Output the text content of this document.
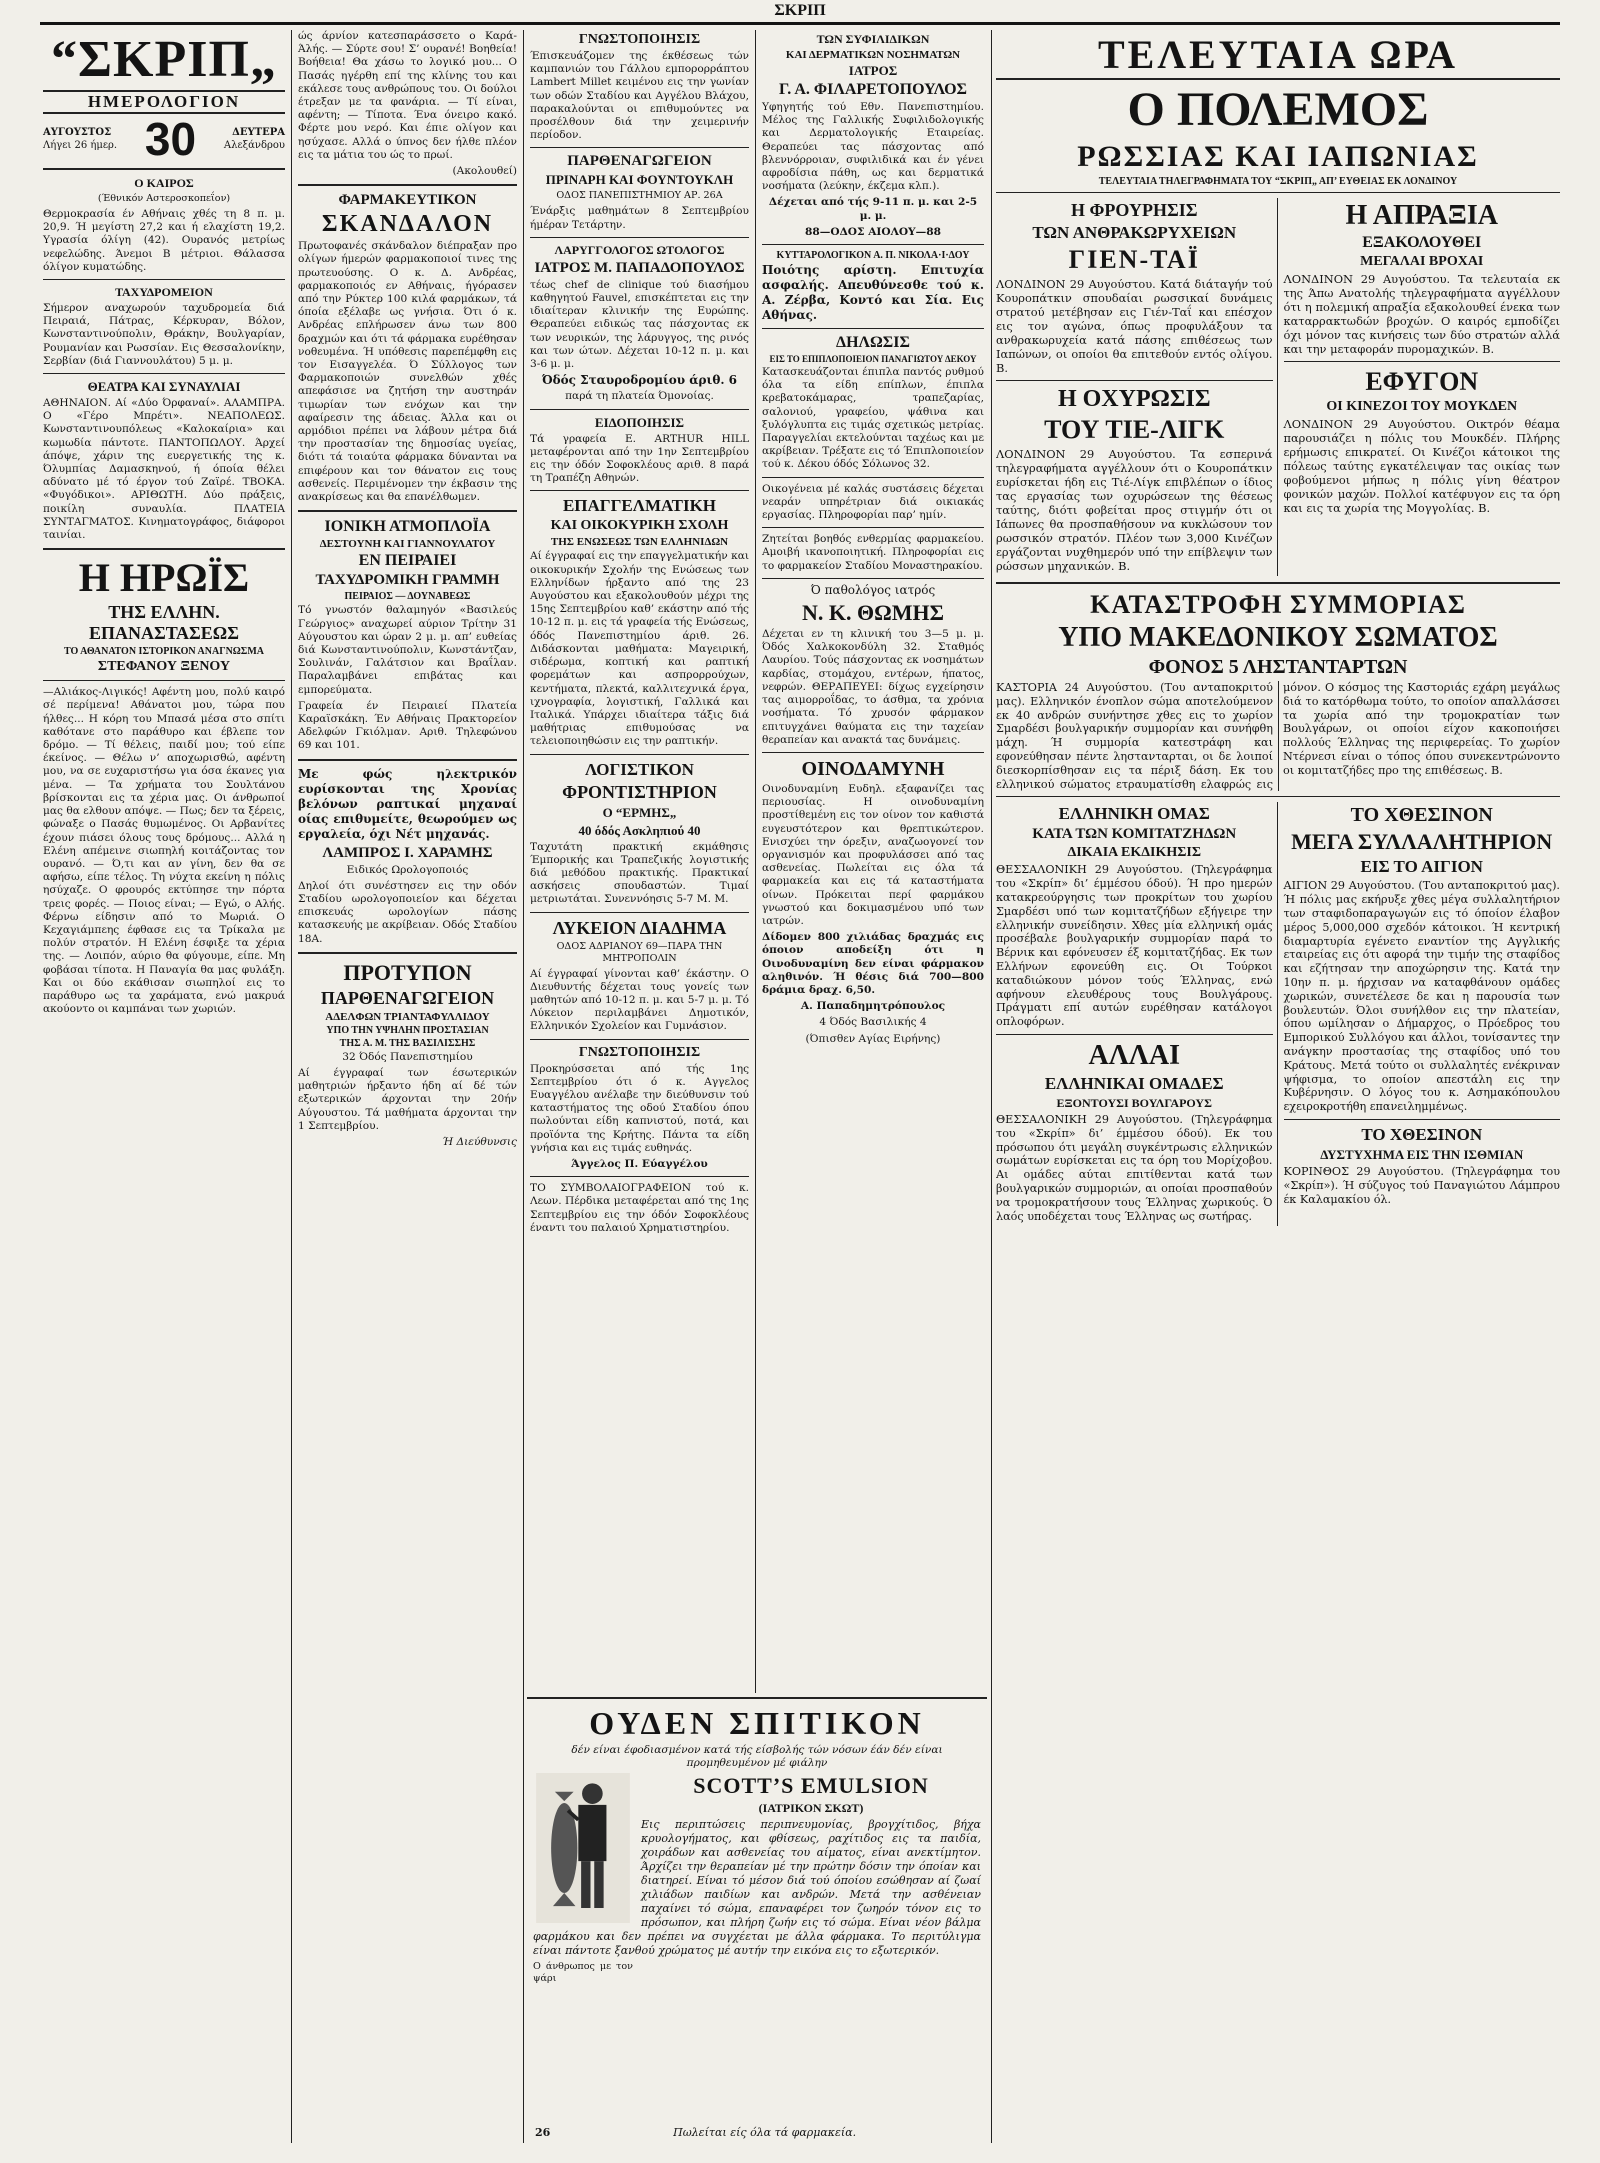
ΣΚΡΙΠ
“ΣΚΡΙΠ„
ΗΜΕΡΟΛΟΓΙΟΝ
ΑΥΓΟΥΣΤΟΣ
Λήγει 26 ήμερ. 30	ΔΕΥΤΕΡΑ
Αλεξάνδρου
Ο ΚΑΙΡΟΣ
(Έθνικόν Αστεροσκοπεΐον)

Θερμοκρασία έν Αθήναις χθές τη 8 π. μ. 20,9. Ή μεγίστη 27,2 και ή ελαχίστη 19,2. Υγρασία όλίγη (42). Ουρανός μετρίως νεφελώδης. Άνεμοι Β μέτριοι. Θάλασσα όλίγον κυματώδης.

ΤΑΧΥΔΡΟΜΕΙΟΝ

Σήμερον αναχωρούν ταχυδρομεία διά Πειραιά, Πάτρας, Κέρκυραν, Βόλον, Κωνσταντινούπολιν, Θράκην, Βουλγαρίαν, Ρουμανίαν και Ρωσσίαν. Εις Θεσσαλονίκην, Σερβίαν (διά Γιαννουλάτου) 5 μ. μ.

ΘΕΑΤΡΑ ΚΑΙ ΣΥΝΑΥΛΙΑΙ

ΑΘΗΝΑΙΟΝ. Αί «Δύο Όρφαναί». ΑΛΑΜΠΡΑ. Ο «Γέρο Μπρέτι». ΝΕΑΠΟΛΕΩΣ. Κωνσταντινουπόλεως «Καλοκαίρια» και κωμωδία πάντοτε. ΠΑΝΤΟΠΩΛΟΥ. Άρχεί άπόψε, χάριν της ευεργετικής της κ. Όλυμπίας Δαμασκηνού, ή όποία θέλει αδύνατο μέ τό έργον τού Ζαϊρέ. ΤΒΟΚΑ. «Φυγόδικοι». ΑΡΙΘΩΤΗ. Δύο πράξεις, ποικίλη συναυλία. ΠΛΑΤΕΙΑ ΣΥΝΤΑΓΜΑΤΟΣ. Κινηματογράφος, διάφοροι ταινίαι.

Η ΗΡΩΪΣ
ΤΗΣ ΕΛΛΗΝ. ΕΠΑΝΑΣΤΑΣΕΩΣ
ΤΟ ΑΘΑΝΑΤΟΝ ΙΣΤΟΡΙΚΟΝ ΑΝΑΓΝΩΣΜΑ
ΣΤΕΦΑΝΟΥ ΞΕΝΟΥ

—Αλιάκος-Λιγικός! Αφέντη μου, πολύ καιρό σέ περίμενα! Αθάνατοι μου, τώρα που ήλθες... Η κόρη του Μπασά μέσα στο σπίτι καθότανε στο παράθυρο και έβλεπε τον δρόμο. — Τί θέλεις, παιδί μου; τού είπε έκείνος. — Θέλω ν’ αποχωρισθώ, αφέντη μου, να σε ευχαριστήσω για όσα έκανες για μένα. — Τα χρήματα του Σουλτάνου βρίσκονται εις τα χέρια μας. Οι άνθρωποί μας θα ελθουν απόψε. — Πως; δεν τα ξέρεις, φώναξε ο Πασάς θυμωμένος. Οι Αρβανίτες έχουν πιάσει όλους τους δρόμους... Αλλά η Ελένη απέμεινε σιωπηλή κοιτάζοντας τον ουρανό. — Ό,τι και αν γίνη, δεν θα σε αφήσω, είπε τέλος. Τη νύχτα εκείνη η πόλις ησύχαζε. Ο φρουρός εκτύπησε την πόρτα τρεις φορές. — Ποιος είναι; — Εγώ, ο Αλής. Φέρνω είδησιν από το Μωριά. Ο Κεχαγιάμπεης έφθασε εις τα Τρίκαλα με πολύν στρατόν. Η Ελένη έσφιξε τα χέρια της. — Λοιπόν, αύριο θα φύγουμε, είπε. Μη φοβάσαι τίποτα. Η Παναγία θα μας φυλάξη. Και οι δύο εκάθισαν σιωπηλοί εις το παράθυρο ως τα χαράματα, ενώ μακρυά ακούοντο οι καμπάναι των χωριών.

ώς άρνίον κατεσπαράσσετο ο Καρά-Άλής. — Σύρτε σου! Σ’ ουρανέ! Βοηθεία! Βοήθεια! Θα χάσω το λογικό μου... Ο Πασάς ηγέρθη επί της κλίνης του και εκάλεσε τους ανθρώπους του. Οι δούλοι έτρεξαν με τα φανάρια. — Τί είναι, αφέντη; — Τίποτα. Ένα όνειρο κακό. Φέρτε μου νερό. Και έπιε ολίγον και ησύχασε. Αλλά ο ύπνος δεν ήλθε πλέον εις τα μάτια του ώς το πρωί.

(Ακολουθεί)
ΦΑΡΜΑΚΕΥΤΙΚΟΝ
ΣΚΑΝΔΑΛΟΝ

Πρωτοφανές σκάνδαλον διέπραξαν προ ολίγων ήμερών φαρμακοποιοί τινες της πρωτευούσης. Ο κ. Δ. Ανδρέας, φαρμακοποιός εν Αθήναις, ήγόρασεν από την Ρύκτερ 100 κιλά φαρμάκων, τά όποία εξέλαβε ως γνήσια. Ότι ό κ. Ανδρέας επλήρωσεν άνω των 800 δραχμών και ότι τά φάρμακα ευρέθησαν νοθευμένα. Ή υπόθεσις παρεπέμφθη εις τον Εισαγγελέα. Ό Σύλλογος των Φαρμακοποιών συνελθών χθές απεφάσισε να ζητήση την αυστηράν τιμωρίαν των ενόχων και την αφαίρεσιν της άδειας. Άλλα και οι αρμόδιοι πρέπει να λάβουν μέτρα διά την προστασίαν της δημοσίας υγείας, διότι τά τοιαύτα φάρμακα δύνανται να επιφέρουν και τον θάνατον εις τους ασθενείς. Περιμένομεν την έκβασιν της ανακρίσεως και θα επανέλθωμεν.

ΙΟΝΙΚΗ ΑΤΜΟΠΛΟΪΑ
ΔΕΣΤΟΥΝΗ ΚΑΙ ΓΙΑΝΝΟΥΛΑΤΟΥ
ΕΝ ΠΕΙΡΑΙΕΙ
ΤΑΧΥΔΡΟΜΙΚΗ ΓΡΑΜΜΗ
ΠΕΙΡΑΙΟΣ — ΔΟΥΝΑΒΕΩΣ

Τό γνωστόν θαλαμηγόν «Βασιλεύς Γεώργιος» αναχωρεί αύριον Τρίτην 31 Αύγουστου και ώραν 2 μ. μ. απ’ ευθείας διά Κωνσταντινούπολιν, Κωνστάντζαν, Σουλινάν, Γαλάτσιον και Βραΐλαν. Παραλαμβάνει επιβάτας και εμπορεύματα.

Γραφεία έν Πειραιεί Πλατεία Καραϊσκάκη. Έν Αθήναις Πρακτορείον Αδελφών Γκιόλμαν. Αριθ. Τηλεφώνου 69 και 101.

Με φώς ηλεκτρικόν ευρίσκονται της Χρονίας βελόνων ραπτικαί μηχαναί οίας επιθυμείτε, θεωρούμεν ως εργαλεία, όχι Νέτ μηχανάς.

ΛΑΜΠΡΟΣ Ι. ΧΑΡΑΜΗΣ
Ειδικός Ωρολογοποιός

Δηλοί ότι συνέστησεν εις την οδόν Σταδίου ωρολογοποιείον και δέχεται επισκευάς ωρολογίων πάσης κατασκευής με ακρίβειαν. Οδός Σταδίου 18Α.

ΠΡΟΤΥΠΟΝ
ΠΑΡΘΕΝΑΓΩΓΕΙΟΝ
ΑΔΕΛΦΩΝ ΤΡΙΑΝΤΑΦΥΛΛΙΔΟΥ
ΥΠΟ ΤΗΝ ΥΨΗΛΗΝ ΠΡΟΣΤΑΣΙΑΝ
ΤΗΣ Α. Μ. ΤΗΣ ΒΑΣΙΛΙΣΣΗΣ
32 Όδός Πανεπιστημίου

Αί έγγραφαί των έσωτερικών μαθητριών ήρξαντο ήδη αί δέ τών εξωτερικών άρχονται την 20ήν Αύγουστου. Τά μαθήματα άρχονται την 1 Σεπτεμβρίου.

Ή Διεύθυνσις
ΓΝΩΣΤΟΠΟΙΗΣΙΣ

Έπισκευάζομεν της έκθέσεως τών καμπανιών του Γάλλου εμπορορράπτου Lambert Millet κειμένου εις την γωνίαν των οδών Σταδίου και Αγγέλου Βλάχου, παρακαλούνται οι επιθυμούντες να προσέλθουν διά την χειμερινήν περίοδον.

ΠΑΡΘΕΝΑΓΩΓΕΙΟΝ
ΠΡΙΝΑΡΗ ΚΑΙ ΦΟΥΝΤΟΥΚΛΗ
ΟΔΟΣ ΠΑΝΕΠΙΣΤΗΜΙΟΥ ΑΡ. 26Α

Ένάρξις μαθημάτων 8 Σεπτεμβρίου ήμέραν Τετάρτην.

ΛΑΡΥΓΓΟΛΟΓΟΣ ΩΤΟΛΟΓΟΣ
ΙΑΤΡΟΣ Μ. ΠΑΠΑΔΟΠΟΥΛΟΣ

τέως chef de clinique τού διασήμου καθηγητού Fauvel, επισκέπτεται εις την ιδιαίτεραν κλινικήν της Ευρώπης. Θεραπεύει ειδικώς τας πάσχοντας εκ των νευρικών, της λάρυγγος, της ρινός και των ώτων. Δέχεται 10-12 π. μ. και 3-6 μ. μ.

Όδός Σταυροδρομίου άριθ. 6
παρά τη πλατεία Όμονοίας.
ΕΙΔΟΠΟΙΗΣΙΣ

Τά γραφεία Ε. ARTHUR HILL μεταφέρονται από την 1ην Σεπτεμβρίου εις την όδόν Σοφοκλέους αριθ. 8 παρά τη Τραπέζη Αθηνών.

ΕΠΑΓΓΕΛΜΑΤΙΚΗ
ΚΑΙ ΟΙΚΟΚΥΡΙΚΗ ΣΧΟΛΗ
ΤΗΣ ΕΝΩΣΕΩΣ ΤΩΝ ΕΛΛΗΝΙΔΩΝ

Αί έγγραφαί εις την επαγγελματικήν και οικοκυρικήν Σχολήν της Ενώσεως των Ελληνίδων ήρξαντο από της 23 Αυγούστου και εξακολουθούν μέχρι της 15ης Σεπτεμβρίου καθ’ εκάστην από τής 10-12 π. μ. εις τά γραφεία τής Ενώσεως, όδός Πανεπιστημίου άριθ. 26. Διδάσκονται μαθήματα: Μαγειρική, σιδέρωμα, κοπτική και ραπτική φορεμάτων και ασπρορρούχων, κεντήματα, πλεκτά, καλλιτεχνικά έργα, ιχνογραφία, λογιστική, Γαλλικά και Ιταλικά. Υπάρχει ιδιαίτερα τάξις διά μαθήτριας επιθυμούσας να τελειοποιηθώσιν εις την ραπτικήν.

ΛΟΓΙΣΤΙΚΟΝ
ΦΡΟΝΤΙΣΤΗΡΙΟΝ
Ο “ΕΡΜΗΣ„
40 όδός Ασκληπιού 40

Ταχυτάτη πρακτική εκμάθησις Έμπορικής και Τραπεζικής λογιστικής διά μεθόδου πρακτικής. Πρακτικαί ασκήσεις σπουδαστών. Τιμαί μετριωτάται. Συνεννόησις 5-7 Μ. Μ.

ΛΥΚΕΙΟΝ ΔΙΑΔΗΜΑ
ΟΔΟΣ ΑΔΡΙΑΝΟΥ 69—ΠΑΡΑ ΤΗΝ ΜΗΤΡΟΠΟΛΙΝ

Αί έγγραφαί γίνονται καθ’ έκάστην. Ο Διευθυντής δέχεται τους γονείς των μαθητών από 10-12 π. μ. και 5-7 μ. μ. Τό Λύκειον περιλαμβάνει Δημοτικόν, Ελληνικόν Σχολείον και Γυμνάσιον.

ΓΝΩΣΤΟΠΟΙΗΣΙΣ

Προκηρύσσεται από τής 1ης Σεπτεμβρίου ότι ό κ. Αγγελος Ευαγγέλου ανέλαβε την διεύθυνσιν τού καταστήματος της οδού Σταδίου όπου πωλούνται είδη καπνιστού, ποτά, και προϊόντα της Κρήτης. Πάντα τα είδη γνήσια και εις τιμάς ευθηνάς.

Άγγελος Π. Εύαγγέλου

ΤΟ ΣΥΜΒΟΛΑΙΟΓΡΑΦΕΙΟΝ τού κ. Λεων. Πέρδικα μεταφέρεται από της 1ης Σεπτεμβρίου εις την όδόν Σοφοκλέους έναντι του παλαιού Χρηματιστηρίου.

ΤΩΝ ΣΥΦΙΛΙΔΙΚΩΝ
ΚΑΙ ΔΕΡΜΑΤΙΚΩΝ ΝΟΣΗΜΑΤΩΝ
ΙΑΤΡΟΣ
Γ. Α. ΦΙΛΑΡΕΤΟΠΟΥΛΟΣ

Υφηγητής τού Εθν. Πανεπιστημίου. Μέλος της Γαλλικής Συφιλιδολογικής και Δερματολογικής Εταιρείας. Θεραπεύει τας πάσχοντας από βλεννόρροιαν, συφιλιδικά και έν γένει αφροδίσια πάθη, ως και δερματικά νοσήματα (λεύκην, έκζεμα κλπ.).

Δέχεται από τής 9-11 π. μ. και 2-5 μ. μ.
88—ΟΔΟΣ ΑΙΟΛΟΥ—88
ΚΥΤΤΑΡΟΛΟΓΙΚΟΝ Α. Π. ΝΙΚΟΛΑ·Ι·ΔΟΥ

Ποιότης αρίστη. Επιτυχία ασφαλής. Απευθύνεσθε τού κ. Α. Ζέρβα, Κοντό και Σία. Εις Αθήνας.

ΔΗΛΩΣΙΣ
ΕΙΣ ΤΟ ΕΠΙΠΛΟΠΟΙΕΙΟΝ ΠΑΝΑΓΙΩΤΟΥ ΔΕΚΟΥ

Κατασκευάζονται έπιπλα παντός ρυθμού όλα τα είδη επίπλων, έπιπλα κρεβατοκάμαρας, τραπεζαρίας, σαλονιού, γραφείου, ψάθινα και ξυλόγλυπτα εις τιμάς σχετικώς μετρίας. Παραγγελίαι εκτελούνται ταχέως και με ακρίβειαν. Τρέξατε εις τό Έπιπλοποιείον τού κ. Δέκου όδός Σόλωνος 32.

Οικογένεια μέ καλάς συστάσεις δέχεται νεαράν υπηρέτριαν διά οικιακάς εργασίας. Πληροφορίαι παρ’ ημίν.

Ζητείται βοηθός ενθερμίας φαρμακείου. Αμοιβή ικανοποιητική. Πληροφορίαι εις το φαρμακείον Σταδίου Μοναστηρακίου.

Ό παθολόγος ιατρός
Ν. Κ. ΘΩΜΗΣ

Δέχεται εν τη κλινική του 3—5 μ. μ. Όδός Χαλκοκονδύλη 32. Σταθμός Λαυρίου. Τούς πάσχοντας εκ νοσημάτων καρδίας, στομάχου, εντέρων, ήπατος, νεφρών. ΘΕΡΑΠΕΥΕΙ: δίχως εγχείρησιν τας αιμορροΐδας, το άσθμα, τα χρόνια νοσήματα. Τό χρυσόν φάρμακον επιτυγχάνει θαύματα εις την ταχείαν θεραπείαν και ανακτά τας δυνάμεις.

ΟΙΝΟΔΑΜΥΝΗ

Οινοδυναμίνη Ευδηλ. εξαφανίζει τας περιουσίας. Η οινοδυναμίνη προστίθεμένη εις τον οίνον τον καθιστά ευγευστότερον και θρεπτικώτερον. Ενισχύει την όρεξιν, αναζωογονεί τον οργανισμόν και προφυλάσσει από τας ασθενείας. Πωλείται εις όλα τά φαρμακεία και εις τά καταστήματα οίνων. Πρόκειται περί φαρμάκου γνωστού και δοκιμασμένου υπό των ιατρών.

Δίδομεν 800 χιλιάδας δραχμάς εις όποιον αποδείξη ότι η Οινοδυναμίνη δεν είναι φάρμακον αληθινόν. Ή θέσις διά 700—800 δράμια δραχ. 6,50.

Α. Παπαδημητρόπουλος
4 Όδός Βασιλικής 4
(Όπισθεν Αγίας Ειρήνης)
ΟΥΔΕΝ ΣΠΙΤΙΚΟΝ

δέν είναι έφοδιασμένον κατά τής είσβολής τών νόσων έάν δέν είναι προμηθευμένον μέ φιάλην

SCOTT’S EMULSION
(ΙΑΤΡΙΚΟΝ ΣΚΩΤ)

Εις περιπτώσεις περιπνευμονίας, βρογχίτιδος, βήχα κρυολογήματος, και φθίσεως, ραχίτιδος εις τα παιδία, χοιράδων και ασθενείας του αίματος, είναι ανεκτίμητον. Άρχίζει την θεραπείαν μέ την πρώτην δόσιν την όποίαν και διατηρεί. Είναι τό μέσον διά τού όποίου εσώθησαν αί ζωαί χιλιάδων παιδίων και ανδρών. Μετά την ασθένειαν παχαίνει τό σώμα, επαναφέρει τον ζωηρόν τόνον εις το πρόσωπον, και πλήρη ζωήν εις τό σώμα. Είναι νέον βάλμα φαρμάκου και δεν πρέπει να συγχέεται με άλλα φάρμακα. Το περιτύλιγμα είναι πάντοτε ξανθού χρώματος μέ αυτήν την εικόνα εις το εξωτερικόν.

Ο άνθρωπος με τον ψάρι
26	Πωλείται είς όλα τά φαρμακεία.
ΤΕΛΕΥΤΑΙΑ ΩΡΑ
Ο ΠΟΛΕΜΟΣ
ΡΩΣΣΙΑΣ ΚΑΙ ΙΑΠΩΝΙΑΣ
ΤΕΛΕΥΤΑΙΑ ΤΗΛΕΓΡΑΦΗΜΑΤΑ ΤΟΥ “ΣΚΡΙΠ„ ΑΠ’ ΕΥΘΕΙΑΣ ΕΚ ΛΟΝΔΙΝΟΥ
Η ΦΡΟΥΡΗΣΙΣ
ΤΩΝ ΑΝΘΡΑΚΩΡΥΧΕΙΩΝ
ΓΙΕΝ-ΤΑΪ

ΛΟΝΔΙΝΟΝ 29 Αυγούστου. Κατά διάταγήν τού Κουροπάτκιν σπουδαίαι ρωσσικαί δυνάμεις στρατού μετέβησαν εις Γιέν-Ταΐ και επέσχον εις τον αγώνα, όπως προφυλάξουν τα ανθρακωρυχεία κατά πάσης επιθέσεως των Ιαπώνων, οι οποίοι θα επιτεθούν εντός ολίγου. Β.

Η ΟΧΥΡΩΣΙΣ
ΤΟΥ ΤΙΕ-ΛΙΓΚ

ΛΟΝΔΙΝΟΝ 29 Αυγούστου. Τα εσπερινά τηλεγραφήματα αγγέλλουν ότι ο Κουροπάτκιν ευρίσκεται ήδη εις Τιέ-Λίγκ επιβλέπων ο ίδιος τας εργασίας των οχυρώσεων της θέσεως ταύτης, διότι φοβείται προς στιγμήν ότι οι Ιάπωνες θα προσπαθήσουν να κυκλώσουν τον ρωσσικόν στρατόν. Πλέον των 3,000 Κινέζων εργάζονται νυχθημερόν υπό την επίβλεψιν των ρώσσων μηχανικών. Β.

Η ΑΠΡΑΞΙΑ
ΕΞΑΚΟΛΟΥΘΕΙ
ΜΕΓΑΛΑΙ ΒΡΟΧΑΙ

ΛΟΝΔΙΝΟΝ 29 Αυγούστου. Τα τελευταία εκ της Άπω Ανατολής τηλεγραφήματα αγγέλλουν ότι η πολεμική απραξία εξακολουθεί ένεκα των καταρρακτωδών βροχών. Ο καιρός εμποδίζει όχι μόνον τας κινήσεις των δύο στρατών αλλά και την μεταφοράν πυρομαχικών. Β.

ΕΦΥΓΟΝ
ΟΙ ΚΙΝΕΖΟΙ ΤΟΥ ΜΟΥΚΔΕΝ

ΛΟΝΔΙΝΟΝ 29 Αυγούστου. Οικτρόν θέαμα παρουσιάζει η πόλις του Μουκδέν. Πλήρης ερήμωσις επικρατεί. Οι Κινέζοι κάτοικοι της πόλεως ταύτης εγκατέλειψαν τας οικίας των φοβούμενοι μήπως η πόλις γίνη θέατρον φονικών μαχών. Πολλοί κατέφυγον εις τα όρη και εις τα χωρία της Μογγολίας. Β.

ΚΑΤΑΣΤΡΟΦΗ ΣΥΜΜΟΡΙΑΣ
ΥΠΟ ΜΑΚΕΔΟΝΙΚΟΥ ΣΩΜΑΤΟΣ
ΦΟΝΟΣ 5 ΛΗΣΤΑΝΤΑΡΤΩΝ

ΚΑΣΤΟΡΙΑ 24 Αυγούστου. (Του ανταποκριτού μας). Ελληνικόν ένοπλον σώμα αποτελούμενον εκ 40 ανδρών συνήντησε χθες εις το χωρίον Σμαρδέσι βουλγαρικήν συμμορίαν και συνήφθη μάχη. Ή συμμορία κατεστράφη και εφονεύθησαν πέντε ληστανταρται, οι δε λοιποί διεσκορπίσθησαν εις τα πέριξ δάση. Εκ του ελληνικού σώματος ετραυματίσθη ελαφρώς εις μόνον. Ο κόσμος της Καστοριάς εχάρη μεγάλως διά το κατόρθωμα τούτο, το οποίον απαλλάσσει τα χωρία από την τρομοκρατίαν των Βουλγάρων, οι οποίοι είχον κακοποιήσει πολλούς Έλληνας της περιφερείας. Το χωρίον Ντέρνεσι είναι ο τόπος όπου συνεκεντρώνοντο οι κομιτατζήδες προ της επιθέσεως. Β.

ΕΛΛΗΝΙΚΗ ΟΜΑΣ
ΚΑΤΑ ΤΩΝ ΚΟΜΙΤΑΤΖΗΔΩΝ
ΔΙΚΑΙΑ ΕΚΔΙΚΗΣΙΣ

ΘΕΣΣΑΛΟΝΙΚΗ 29 Αυγούστου. (Τηλεγράφημα του «Σκρίπ» δι’ έμμέσου όδού). Ή προ ημερών κατακρεούργησις των προκρίτων του χωρίου Σμαρδέσι υπό των κομιτατζήδων εξήγειρε την ελληνικήν συνείδησιν. Χθες μία ελληνική ομάς προσέβαλε βουλγαρικήν συμμορίαν παρά το Βέρνικ και εφόνευσεν έξ κομιτατζήδας. Εκ των Ελλήνων εφονεύθη εις. Οι Τούρκοι καταδιώκουν μόνον τούς Έλληνας, ενώ αφήνουν ελευθέρους τους Βουλγάρους. Πράγματι επί αυτών ευρέθησαν κατάλογοι οπλοφόρων.

ΑΛΛΑΙ
ΕΛΛΗΝΙΚΑΙ ΟΜΑΔΕΣ
ΕΞΟΝΤΟΥΣΙ ΒΟΥΛΓΑΡΟΥΣ

ΘΕΣΣΑΛΟΝΙΚΗ 29 Αυγούστου. (Τηλεγράφημα του «Σκρίπ» δι’ έμμέσου όδού). Εκ του πρόσωπου ότι μεγάλη συγκέντρωσις ελληνικών σωμάτων ευρίσκεται εις τα όρη του Μορίχοβου. Αι ομάδες αύται επιτίθενται κατά των βουλγαρικών συμμοριών, αι οποίαι προσπαθούν να τρομοκρατήσουν τους Έλληνας χωρικούς. Ό λαός υποδέχεται τους Έλληνας ως σωτήρας.

ΤΟ ΧΘΕΣΙΝΟΝ
ΜΕΓΑ ΣΥΛΛΑΛΗΤΗΡΙΟΝ
ΕΙΣ ΤΟ ΑΙΓΙΟΝ

ΑΙΓΙΟΝ 29 Αυγούστου. (Του ανταποκριτού μας). Ή πόλις μας εκήρυξε χθες μέγα συλλαλητήριον των σταφιδοπαραγωγών εις τό όποίον έλαβον μέρος 5,000,000 σχεδόν κάτοικοι. Ή κεντρική διαμαρτυρία εγένετο εναντίον της Αγγλικής εταιρείας εις ότι αφορά την τιμήν της σταφίδος και εζήτησαν την αποχώρησιν της. Κατά την 10ην π. μ. ήρχισαν να καταφθάνουν ομάδες χωρικών, συνετέλεσε δε και η παρουσία των βουλευτών. Όλοι συνήλθον εις την πλατείαν, όπου ωμίλησαν ο Δήμαρχος, ο Πρόεδρος του Εμπορικού Συλλόγου και άλλοι, τονίσαντες την ανάγκην προστασίας της σταφίδος υπό του Κράτους. Μετά τούτο οι συλλαλητές ενέκριναν ψήφισμα, το οποίον απεστάλη εις την Κυβέρνησιν. Ο λόγος του κ. Ασημακόπουλου εχειροκροτήθη επανειλημμένως.

ΤΟ ΧΘΕΣΙΝΟΝ
ΔΥΣΤΥΧΗΜΑ ΕΙΣ ΤΗΝ ΙΣΘΜΙΑΝ

ΚΟΡΙΝΘΟΣ 29 Αυγούστου. (Τηλεγράφημα του «Σκρίπ»). Ή σύζυγος τού Παναγιώτου Λάμπρου έκ Καλαμακίου όλ.
